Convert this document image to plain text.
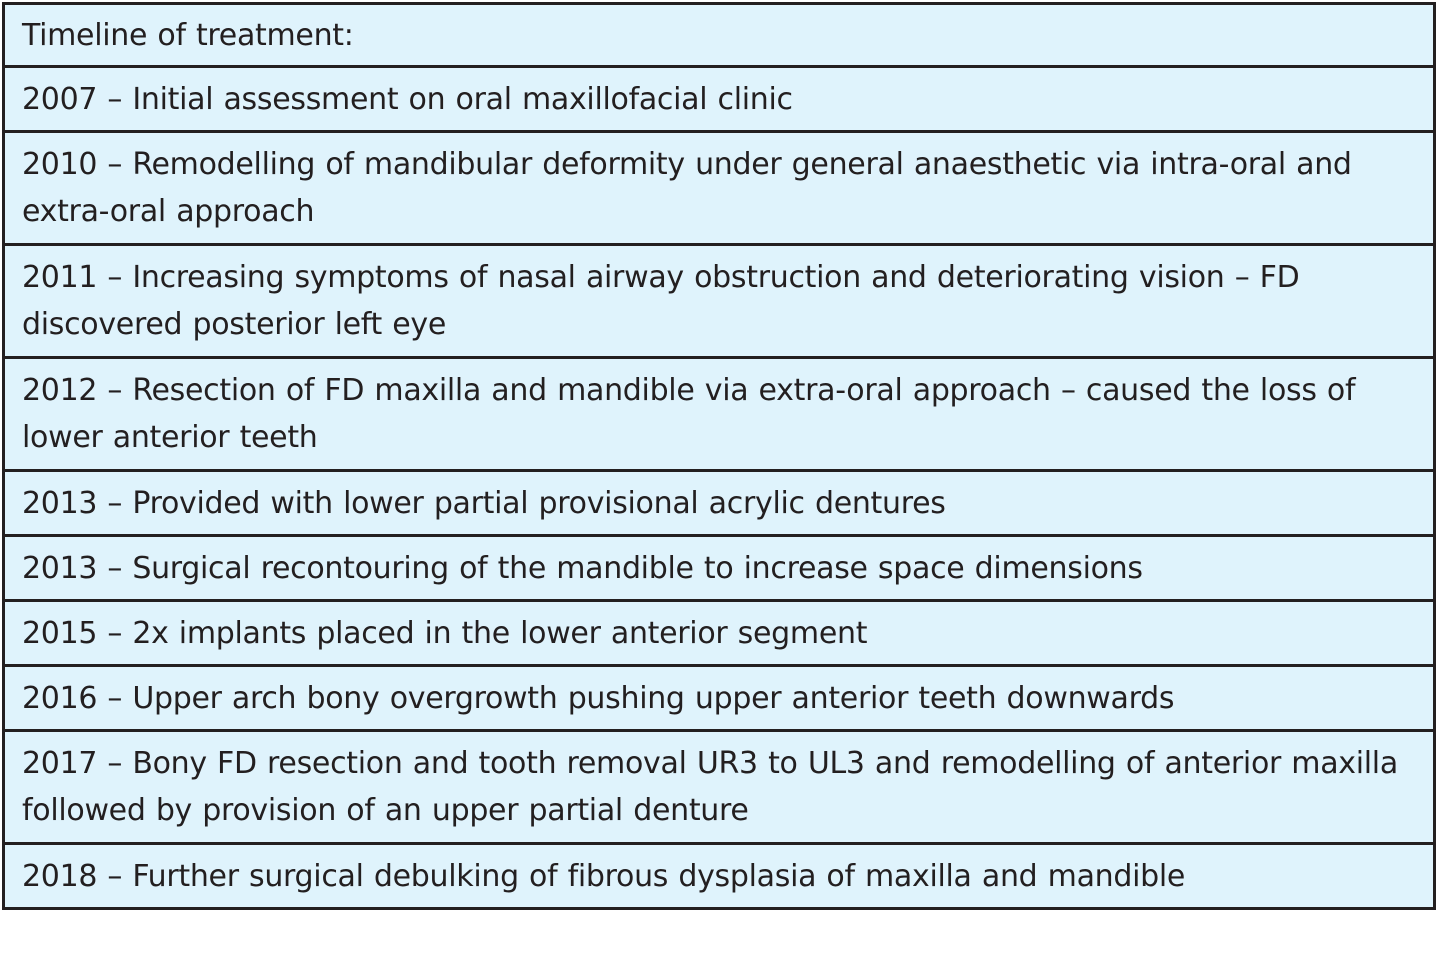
Timeline of treatment:
2007 – Initial assessment on oral maxillofacial clinic
2010 – Remodelling of mandibular deformity under general anaesthetic via intra-oral and extra-oral approach
2011 – Increasing symptoms of nasal airway obstruction and deteriorating vision – FD discovered posterior left eye
2012 – Resection of FD maxilla and mandible via extra-oral approach – caused the loss of lower anterior teeth
2013 – Provided with lower partial provisional acrylic dentures
2013 – Surgical recontouring of the mandible to increase space dimensions
2015 – 2x implants placed in the lower anterior segment
2016 – Upper arch bony overgrowth pushing upper anterior teeth downwards
2017 – Bony FD resection and tooth removal UR3 to UL3 and remodelling of anterior maxilla followed by provision of an upper partial denture
2018 – Further surgical debulking of fibrous dysplasia of maxilla and mandible
